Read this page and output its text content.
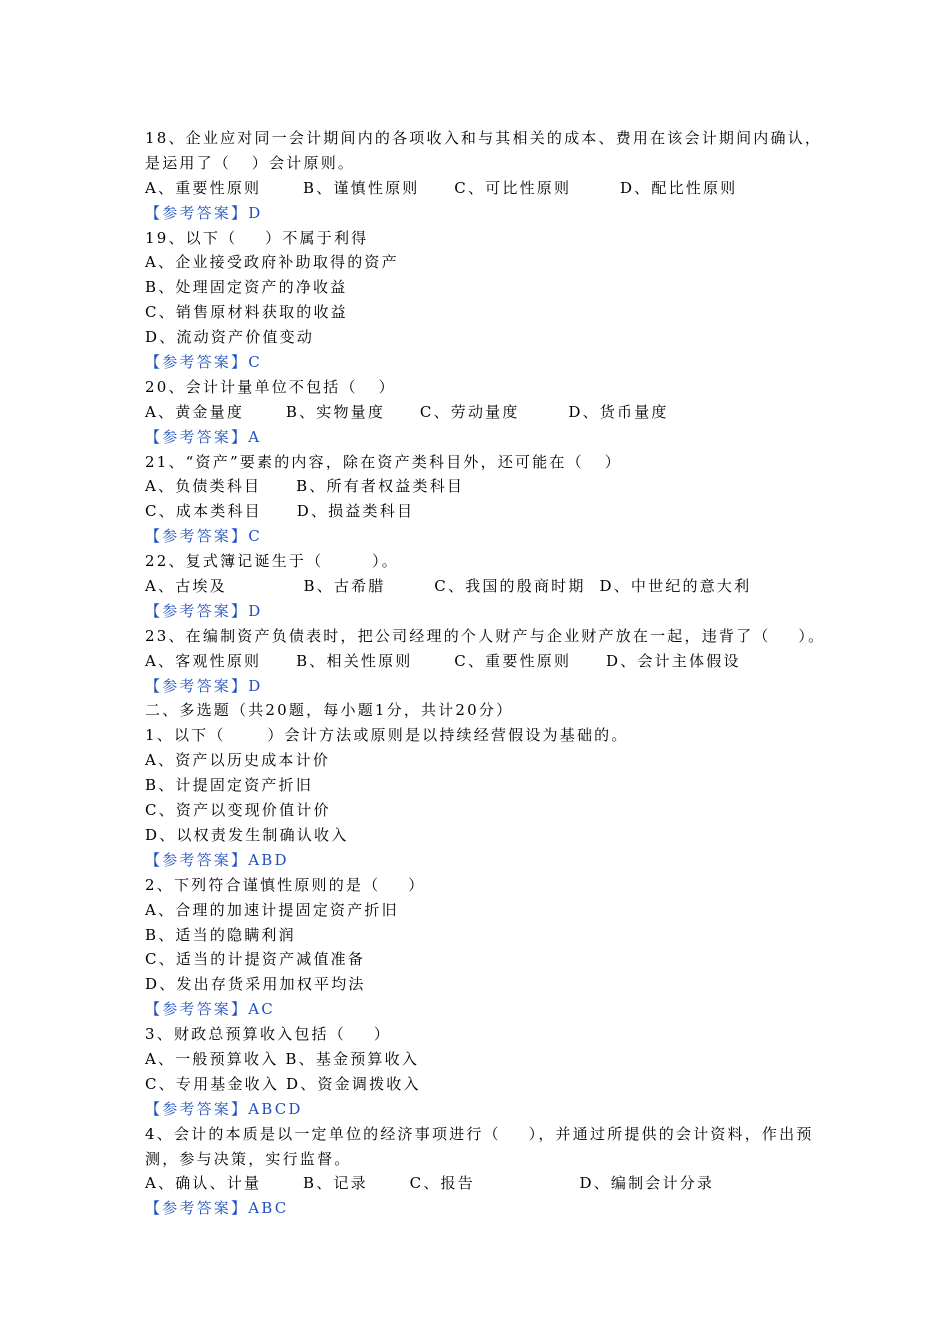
18、企业应对同一会计期间内的各项收入和与其相关的成本、费用在该会计期间内确认，
是运用了（   ）会计原则。
A、重要性原则      B、谨慎性原则     C、可比性原则       D、配比性原则
【参考答案】D
19、以下（    ）不属于利得
A、企业接受政府补助取得的资产
B、处理固定资产的净收益
C、销售原材料获取的收益
D、流动资产价值变动
【参考答案】C
20、会计计量单位不包括（   ）
A、黄金量度      B、实物量度     C、劳动量度       D、货币量度
【参考答案】A
21、“资产”要素的内容，除在资产类科目外，还可能在（   ）
A、负债类科目     B、所有者权益类科目
C、成本类科目     D、损益类科目
【参考答案】C
22、复式簿记诞生于（       ）。
A、古埃及           B、古希腊       C、我国的殷商时期  D、中世纪的意大利
【参考答案】D
23、在编制资产负债表时，把公司经理的个人财产与企业财产放在一起，违背了（    ）。
A、客观性原则     B、相关性原则      C、重要性原则     D、会计主体假设
【参考答案】D
二、多选题（共20题，每小题1分，共计20分）
1、以下（      ）会计方法或原则是以持续经营假设为基础的。
A、资产以历史成本计价
B、计提固定资产折旧
C、资产以变现价值计价
D、以权责发生制确认收入
【参考答案】ABD
2、下列符合谨慎性原则的是（    ）
A、合理的加速计提固定资产折旧
B、适当的隐瞒利润
C、适当的计提资产减值准备
D、发出存货采用加权平均法
【参考答案】AC
3、财政总预算收入包括（    ）
A、一般预算收入 B、基金预算收入
C、专用基金收入 D、资金调拨收入
【参考答案】ABCD
4、会计的本质是以一定单位的经济事项进行（    ），并通过所提供的会计资料，作出预
测，参与决策，实行监督。
A、确认、计量      B、记录      C、报告               D、编制会计分录
【参考答案】ABC
